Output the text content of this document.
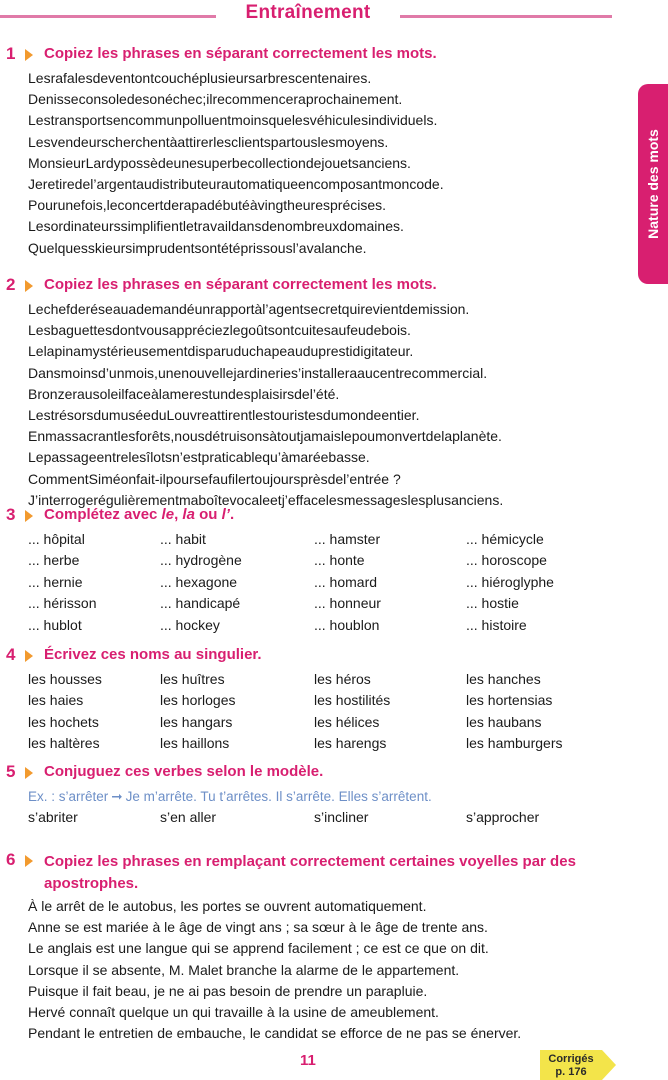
Entraînement
Nature des mots
1 Copiez les phrases en séparant correctement les mots.
Lesrafalesdeventontcouchéplusieursarbrescentenaires.
Denisseconsoledesonéchec;ilrecommenceraprochainement.
Lestransportsencommunpolluentmoinsquelesvéhiculesindividuels.
Lesvendeurscherchentàattirerlesclientspartouslesmoyens.
MonsieurLardypossèdeunesuperbecollectiondejouetsanciens.
Jeretiredel’argentaudistributeurautomatiqueencomposantmoncode.
Pourunefois,leconcertderapadébutéàvingtheuresprécises.
Lesordinateurssimplifientletravaildansdenombreuxdomaines.
Quelquesskieursimprudentsontétéprissousl’avalanche.
2 Copiez les phrases en séparant correctement les mots.
Lechefderéseauademandéunrapportàl’agentsecretquirevientdemission.
Lesbaguettesdontvousappréciezlegoûtsontcuitesaufeudebois.
Lelapinamystérieusementdisparuduchapeauduprestidigitateur.
Dansmoinsd’unmois,unenouvellejardineries’installeraaucentrecommercial.
Bronzerausoleilfaceàlamerestundesplaisirsdel’été.
LestrésorsdumuséeduLouvreattirentlestouristesdumondeentier.
Enmassacrantlesforêts,nousdétruisonsàtoutjamaislepoumonvertdelaplanète.
Lepassageentrelesîlotsn’estpraticablequ’àmaréebasse.
CommentSiméonfait-ilpoursefaufilertoujoursprèsdel’entrée ?
J’interrogerégulièrementmaboîtevocaleetj’effacelesmessageslesplusanciens.
3 Complétez avec le, la ou l’.
... hôpital	... habit	... hamster	... hémicycle
... herbe	... hydrogène	... honte	... horoscope
... hernie	... hexagone	... homard	... hiéroglyphe
... hérisson	... handicapé	... honneur	... hostie
... hublot	... hockey	... houblon	... histoire
4 Écrivez ces noms au singulier.
les housses	les huîtres	les héros	les hanches
les haies	les horloges	les hostilités	les hortensias
les hochets	les hangars	les hélices	les haubans
les haltères	les haillons	les harengs	les hamburgers
5 Conjuguez ces verbes selon le modèle.
Ex. : s’arrêter ➞ Je m’arrête. Tu t’arrêtes. Il s’arrête. Elles s’arrêtent.
s’abriter	s’en aller	s’incliner	s’approcher
6 Copiez les phrases en remplaçant correctement certaines voyelles par des apostrophes.
À le arrêt de le autobus, les portes se ouvrent automatiquement.
Anne se est mariée à le âge de vingt ans ; sa sœur à le âge de trente ans.
Le anglais est une langue qui se apprend facilement ; ce est ce que on dit.
Lorsque il se absente, M. Malet branche la alarme de le appartement.
Puisque il fait beau, je ne ai pas besoin de prendre un parapluie.
Hervé connaît quelque un qui travaille à la usine de ameublement.
Pendant le entretien de embauche, le candidat se efforce de ne pas se énerver.
11	Corrigés
p. 176
